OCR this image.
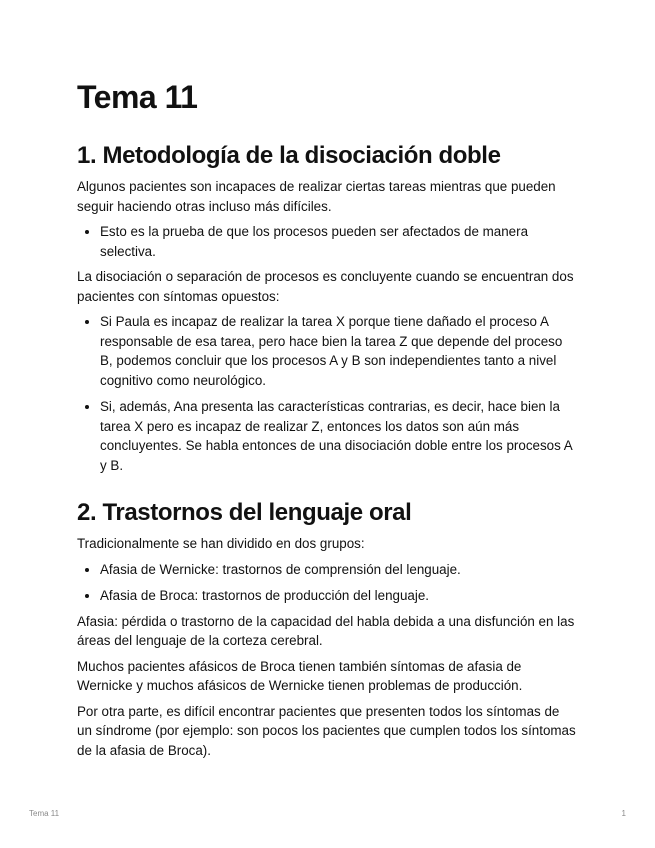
Tema 11
1. Metodología de la disociación doble

Algunos pacientes son incapaces de realizar ciertas tareas mientras que pueden seguir haciendo otras incluso más difíciles.

• Esto es la prueba de que los procesos pueden ser afectados de manera selectiva.

La disociación o separación de procesos es concluyente cuando se encuentran dos pacientes con síntomas opuestos:

• Si Paula es incapaz de realizar la tarea X porque tiene dañado el proceso A responsable de esa tarea, pero hace bien la tarea Z que depende del proceso B, podemos concluir que los procesos A y B son independientes tanto a nivel cognitivo como neurológico.
• Si, además, Ana presenta las características contrarias, es decir, hace bien la tarea X pero es incapaz de realizar Z, entonces los datos son aún más concluyentes. Se habla entonces de una disociación doble entre los procesos A y B.
2. Trastornos del lenguaje oral

Tradicionalmente se han dividido en dos grupos:

• Afasia de Wernicke: trastornos de comprensión del lenguaje.
• Afasia de Broca: trastornos de producción del lenguaje.

Afasia: pérdida o trastorno de la capacidad del habla debida a una disfunción en las áreas del lenguaje de la corteza cerebral.

Muchos pacientes afásicos de Broca tienen también síntomas de afasia de Wernicke y muchos afásicos de Wernicke tienen problemas de producción.

Por otra parte, es difícil encontrar pacientes que presenten todos los síntomas de un síndrome (por ejemplo: son pocos los pacientes que cumplen todos los síntomas de la afasia de Broca).

Tema 11	1
